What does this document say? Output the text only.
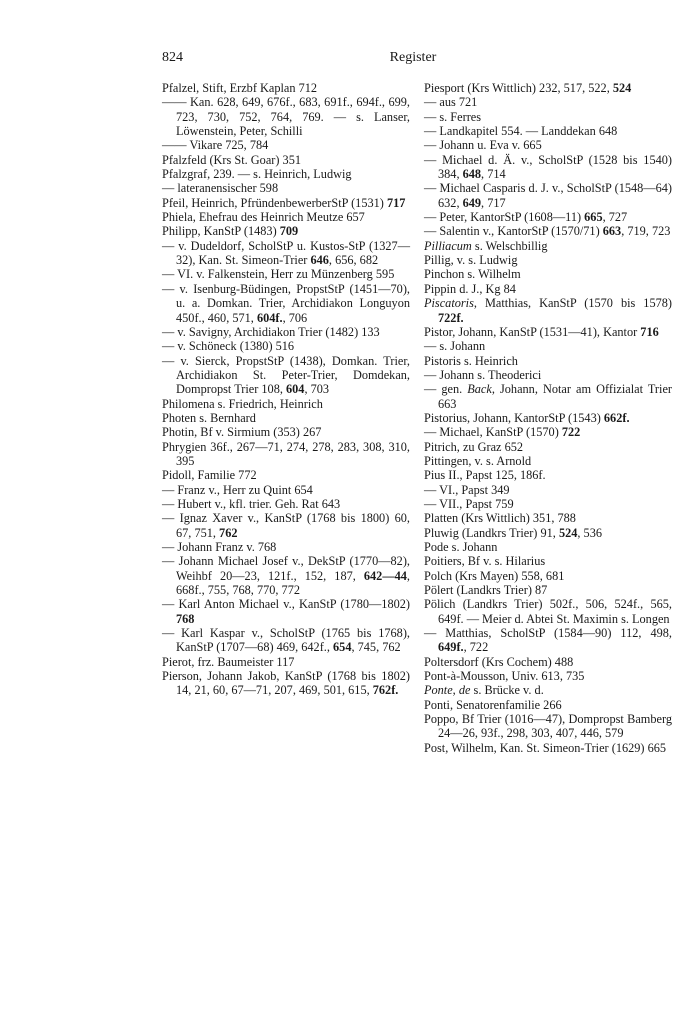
824	Register
Pfalzel, Stift, Erzbf Kaplan 712
—— Kan. 628, 649, 676f., 683, 691f., 694f., 699, 723, 730, 752, 764, 769. — s. Lanser, Löwenstein, Peter, Schilli
—— Vikare 725, 784
Pfalzfeld (Krs St. Goar) 351
Pfalzgraf, 239. — s. Heinrich, Ludwig
— lateranensischer 598
Pfeil, Heinrich, PfründenbewerberStP (1531) 717
Phiela, Ehefrau des Heinrich Meutze 657
Philipp, KanStP (1483) 709
— v. Dudeldorf, ScholStP u. Kustos-StP (1327—32), Kan. St. Simeon-Trier 646, 656, 682
— VI. v. Falkenstein, Herr zu Münzenberg 595
— v. Isenburg-Büdingen, PropstStP (1451—70), u. a. Domkan. Trier, Archidiakon Longuyon 450f., 460, 571, 604f., 706
— v. Savigny, Archidiakon Trier (1482) 133
— v. Schöneck (1380) 516
— v. Sierck, PropstStP (1438), Domkan. Trier, Archidiakon St. Peter-Trier, Domdekan, Dompropst Trier 108, 604, 703
Philomena s. Friedrich, Heinrich
Photen s. Bernhard
Photin, Bf v. Sirmium (353) 267
Phrygien 36f., 267—71, 274, 278, 283, 308, 310, 395
Pidoll, Familie 772
— Franz v., Herr zu Quint 654
— Hubert v., kfl. trier. Geh. Rat 643
— Ignaz Xaver v., KanStP (1768 bis 1800) 60, 67, 751, 762
— Johann Franz v. 768
— Johann Michael Josef v., DekStP (1770—82), Weihbf 20—23, 121f., 152, 187, 642—44, 668f., 755, 768, 770, 772
— Karl Anton Michael v., KanStP (1780—1802) 768
— Karl Kaspar v., ScholStP (1765 bis 1768), KanStP (1707—68) 469, 642f., 654, 745, 762
Pierot, frz. Baumeister 117
Pierson, Johann Jakob, KanStP (1768 bis 1802) 14, 21, 60, 67—71, 207, 469, 501, 615, 762f.
Piesport (Krs Wittlich) 232, 517, 522, 524
— aus 721
— s. Ferres
— Landkapitel 554. — Landdekan 648
— Johann u. Eva v. 665
— Michael d. Ä. v., ScholStP (1528 bis 1540) 384, 648, 714
— Michael Casparis d. J. v., ScholStP (1548—64) 632, 649, 717
— Peter, KantorStP (1608—11) 665, 727
— Salentin v., KantorStP (1570/71) 663, 719, 723
Pilliacum s. Welschbillig
Pillig, v. s. Ludwig
Pinchon s. Wilhelm
Pippin d. J., Kg 84
Piscatoris, Matthias, KanStP (1570 bis 1578) 722f.
Pistor, Johann, KanStP (1531—41), Kantor 716
— s. Johann
Pistoris s. Heinrich
— Johann s. Theoderici
— gen. Back, Johann, Notar am Offizialat Trier 663
Pistorius, Johann, KantorStP (1543) 662f.
— Michael, KanStP (1570) 722
Pitrich, zu Graz 652
Pittingen, v. s. Arnold
Pius II., Papst 125, 186f.
— VI., Papst 349
— VII., Papst 759
Platten (Krs Wittlich) 351, 788
Pluwig (Landkrs Trier) 91, 524, 536
Pode s. Johann
Poitiers, Bf v. s. Hilarius
Polch (Krs Mayen) 558, 681
Pölert (Landkrs Trier) 87
Pölich (Landkrs Trier) 502f., 506, 524f., 565, 649f. — Meier d. Abtei St. Maximin s. Longen
— Matthias, ScholStP (1584—90) 112, 498, 649f., 722
Poltersdorf (Krs Cochem) 488
Pont-à-Mousson, Univ. 613, 735
Ponte, de s. Brücke v. d.
Ponti, Senatorenfamilie 266
Poppo, Bf Trier (1016—47), Dompropst Bamberg 24—26, 93f., 298, 303, 407, 446, 579
Post, Wilhelm, Kan. St. Simeon-Trier (1629) 665
